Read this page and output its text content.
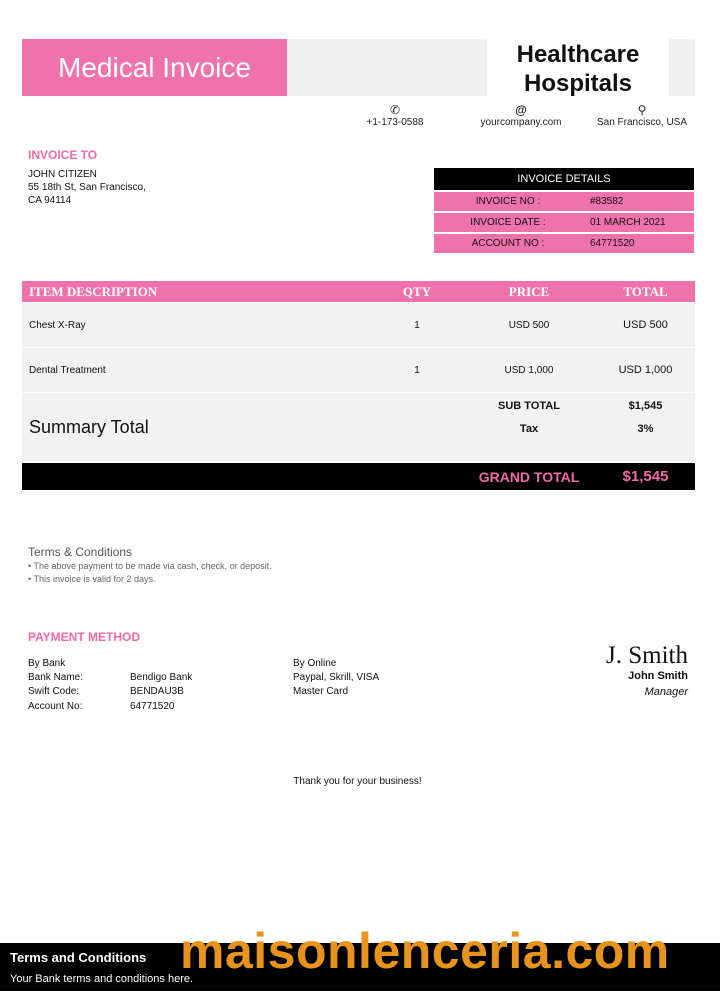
Medical Invoice	Healthcare Hospitals
✆
+1-173-0588
@
yourcompany.com
⚲
San Francisco, USA
INVOICE TO
JOHN CITIZEN
55 18th St, San Francisco,
CA 94114
INVOICE DETAILS
INVOICE NO :	#83582
INVOICE DATE :	01 MARCH 2021
ACCOUNT NO :	64771520
ITEM DESCRIPTION	QTY	PRICE	TOTAL
Chest X-Ray	1	USD 500	USD 500
Dental Treatment	1	USD 1,000	USD 1,000
Summary Total
SUB TOTAL	$1,545
Tax	3%
GRAND TOTAL	$1,545
Terms & Conditions
• The above payment to be made via cash, check, or deposit.
• This invoice is valid for 2 days.
PAYMENT METHOD
By Bank
Bank Name:	Bendigo Bank
Swift Code:	BENDAU3B
Account No:	64771520
By Online
Paypal, Skrill, VISA
Master Card
J. Smith
John Smith
Manager
Thank you for your business!
Terms and Conditions
Your Bank terms and conditions here.
maisonlenceria.com
